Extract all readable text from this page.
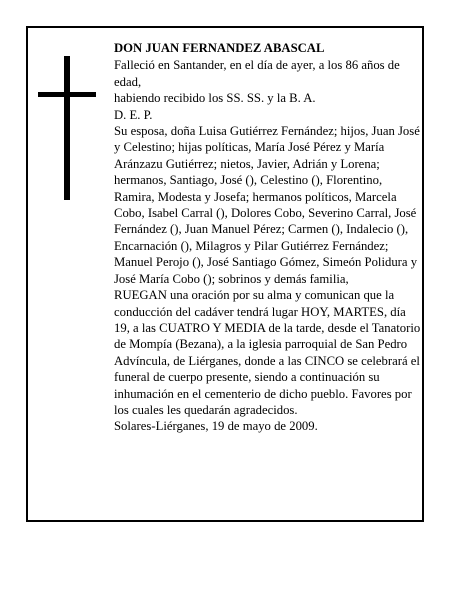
DON JUAN FERNANDEZ ABASCAL

Falleció en Santander, en el día de ayer, a los 86 años de edad,

habiendo recibido los SS. SS. y la B. A.

D. E. P.

Su esposa, doña Luisa Gutiérrez Fernández; hijos, Juan José y Celestino; hijas políticas, María José Pérez y María Aránzazu Gutiérrez; nietos, Javier, Adrián y Lorena; hermanos, Santiago, José (), Celestino (), Florentino, Ramira, Modesta y Josefa; hermanos políticos, Marcela Cobo, Isabel Carral (), Dolores Cobo, Severino Carral, José Fernández (), Juan Manuel Pérez; Carmen (), Indalecio (), Encarnación (), Milagros y Pilar Gutiérrez Fernández; Manuel Perojo (), José Santiago Gómez, Simeón Polidura y José María Cobo (); sobrinos y demás familia,

RUEGAN una oración por su alma y comunican que la conducción del cadáver tendrá lugar HOY, MARTES, día 19, a las CUATRO Y MEDIA de la tarde, desde el Tanatorio de Mompía (Bezana), a la iglesia parroquial de San Pedro Advíncula, de Liérganes, donde a las CINCO se celebrará el funeral de cuerpo presente, siendo a continuación su inhumación en el cementerio de dicho pueblo. Favores por los cuales les quedarán agradecidos.

Solares-Liérganes, 19 de mayo de 2009.
